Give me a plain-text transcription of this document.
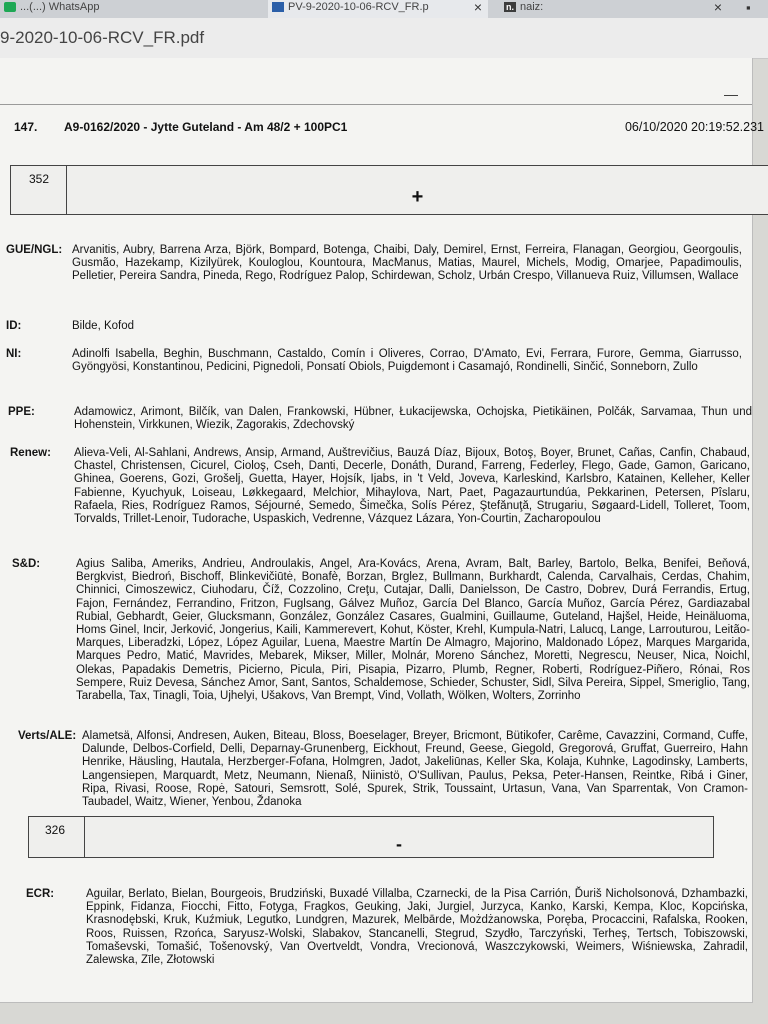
...(...) WhatsApp	PV-9-2020-10-06-RCV_FR.p	×	n. naiz:	× ▪
9-2020-10-06-RCV_FR.pdf
—
147. A9-0162/2020 - Jytte Guteland - Am 48/2 + 100PC1	06/10/2020 20:19:52.231
352
+
GUE/NGL: Arvanitis, Aubry, Barrena Arza, Björk, Bompard, Botenga, Chaibi, Daly, Demirel, Ernst, Ferreira, Flanagan, Georgiou, Georgoulis, Gusmão, Hazekamp, Kizilyürek, Kouloglou, Kountoura, MacManus, Matias, Maurel, Michels, Modig, Omarjee, Papadimoulis, Pelletier, Pereira Sandra, Pineda, Rego, Rodríguez Palop, Schirdewan, Scholz, Urbán Crespo, Villanueva Ruiz, Villumsen, Wallace
ID:	Bilde, Kofod
NI:	Adinolfi Isabella, Beghin, Buschmann, Castaldo, Comín i Oliveres, Corrao, D'Amato, Evi, Ferrara, Furore, Gemma, Giarrusso, Gyöngyösi, Konstantinou, Pedicini, Pignedoli, Ponsatí Obiols, Puigdemont i Casamajó, Rondinelli, Sinčić, Sonneborn, Zullo
PPE:	Adamowicz, Arimont, Bilčík, van Dalen, Frankowski, Hübner, Łukacijewska, Ochojska, Pietikäinen, Polčák, Sarvamaa, Thun und Hohenstein, Virkkunen, Wiezik, Zagorakis, Zdechovský
Renew: Alieva-Veli, Al-Sahlani, Andrews, Ansip, Armand, Auštrevičius, Bauzá Díaz, Bijoux, Botoş, Boyer, Brunet, Cañas, Canfin, Chabaud, Chastel, Christensen, Cicurel, Cioloş, Cseh, Danti, Decerle, Donáth, Durand, Farreng, Federley, Flego, Gade, Gamon, Garicano, Ghinea, Goerens, Gozi, Grošelj, Guetta, Hayer, Hojsík, Ijabs, in 't Veld, Joveva, Karleskind, Karlsbro, Katainen, Kelleher, Keller Fabienne, Kyuchyuk, Loiseau, Løkkegaard, Melchior, Mihaylova, Nart, Paet, Pagazaurtundúa, Pekkarinen, Petersen, Pîslaru, Rafaela, Ries, Rodríguez Ramos, Séjourné, Semedo, Šimečka, Solís Pérez, Ştefănuţă, Strugariu, Søgaard-Lidell, Tolleret, Toom, Torvalds, Trillet-Lenoir, Tudorache, Uspaskich, Vedrenne, Vázquez Lázara, Yon-Courtin, Zacharopoulou
S&D:	Agius Saliba, Ameriks, Andrieu, Androulakis, Angel, Ara-Kovács, Arena, Avram, Balt, Barley, Bartolo, Belka, Benifei, Beňová, Bergkvist, Biedroń, Bischoff, Blinkevičiūtė, Bonafè, Borzan, Brglez, Bullmann, Burkhardt, Calenda, Carvalhais, Cerdas, Chahim, Chinnici, Cimoszewicz, Ciuhodaru, Číž, Cozzolino, Creţu, Cutajar, Dalli, Danielsson, De Castro, Dobrev, Durá Ferrandis, Ertug, Fajon, Fernández, Ferrandino, Fritzon, Fuglsang, Gálvez Muñoz, García Del Blanco, García Muñoz, García Pérez, Gardiazabal Rubial, Gebhardt, Geier, Glucksmann, González, González Casares, Gualmini, Guillaume, Guteland, Hajšel, Heide, Heinäluoma, Homs Ginel, Incir, Jerković, Jongerius, Kaili, Kammerevert, Kohut, Köster, Krehl, Kumpula-Natri, Lalucq, Lange, Larrouturou, Leitão-Marques, Liberadzki, López, López Aguilar, Luena, Maestre Martín De Almagro, Majorino, Maldonado López, Marques Margarida, Marques Pedro, Matić, Mavrides, Mebarek, Mikser, Miller, Molnár, Moreno Sánchez, Moretti, Negrescu, Neuser, Nica, Noichl, Olekas, Papadakis Demetris, Picierno, Picula, Piri, Pisapia, Pizarro, Plumb, Regner, Roberti, Rodríguez-Piñero, Rónai, Ros Sempere, Ruiz Devesa, Sánchez Amor, Sant, Santos, Schaldemose, Schieder, Schuster, Sidl, Silva Pereira, Sippel, Smeriglio, Tang, Tarabella, Tax, Tinagli, Toia, Ujhelyi, Ušakovs, Van Brempt, Vind, Vollath, Wölken, Wolters, Zorrinho
Verts/ALE: Alametsä, Alfonsi, Andresen, Auken, Biteau, Bloss, Boeselager, Breyer, Bricmont, Bütikofer, Carême, Cavazzini, Cormand, Cuffe, Dalunde, Delbos-Corfield, Delli, Deparnay-Grunenberg, Eickhout, Freund, Geese, Giegold, Gregorová, Gruffat, Guerreiro, Hahn Henrike, Häusling, Hautala, Herzberger-Fofana, Holmgren, Jadot, Jakeliūnas, Keller Ska, Kolaja, Kuhnke, Lagodinsky, Lamberts, Langensiepen, Marquardt, Metz, Neumann, Nienaß, Niinistö, O'Sullivan, Paulus, Peksa, Peter-Hansen, Reintke, Ribá i Giner, Ripa, Rivasi, Roose, Ropė, Satouri, Semsrott, Solé, Spurek, Strik, Toussaint, Urtasun, Vana, Van Sparrentak, Von Cramon-Taubadel, Waitz, Wiener, Yenbou, Ždanoka
326
-
ECR:	Aguilar, Berlato, Bielan, Bourgeois, Brudziński, Buxadé Villalba, Czarnecki, de la Pisa Carrión, Ďuriš Nicholsonová, Dzhambazki, Eppink, Fidanza, Fiocchi, Fitto, Fotyga, Fragkos, Geuking, Jaki, Jurgiel, Jurzyca, Kanko, Karski, Kempa, Kloc, Kopcińska, Krasnodębski, Kruk, Kuźmiuk, Legutko, Lundgren, Mazurek, Melbārde, Możdżanowska, Poręba, Procaccini, Rafalska, Rooken, Roos, Ruissen, Rzońca, Saryusz-Wolski, Slabakov, Stancanelli, Stegrud, Szydło, Tarczyński, Terheş, Tertsch, Tobiszowski, Tomaševski, Tomašić, Tošenovský, Van Overtveldt, Vondra, Vrecionová, Waszczykowski, Weimers, Wiśniewska, Zahradil, Zalewska, Zīle, Złotowski
